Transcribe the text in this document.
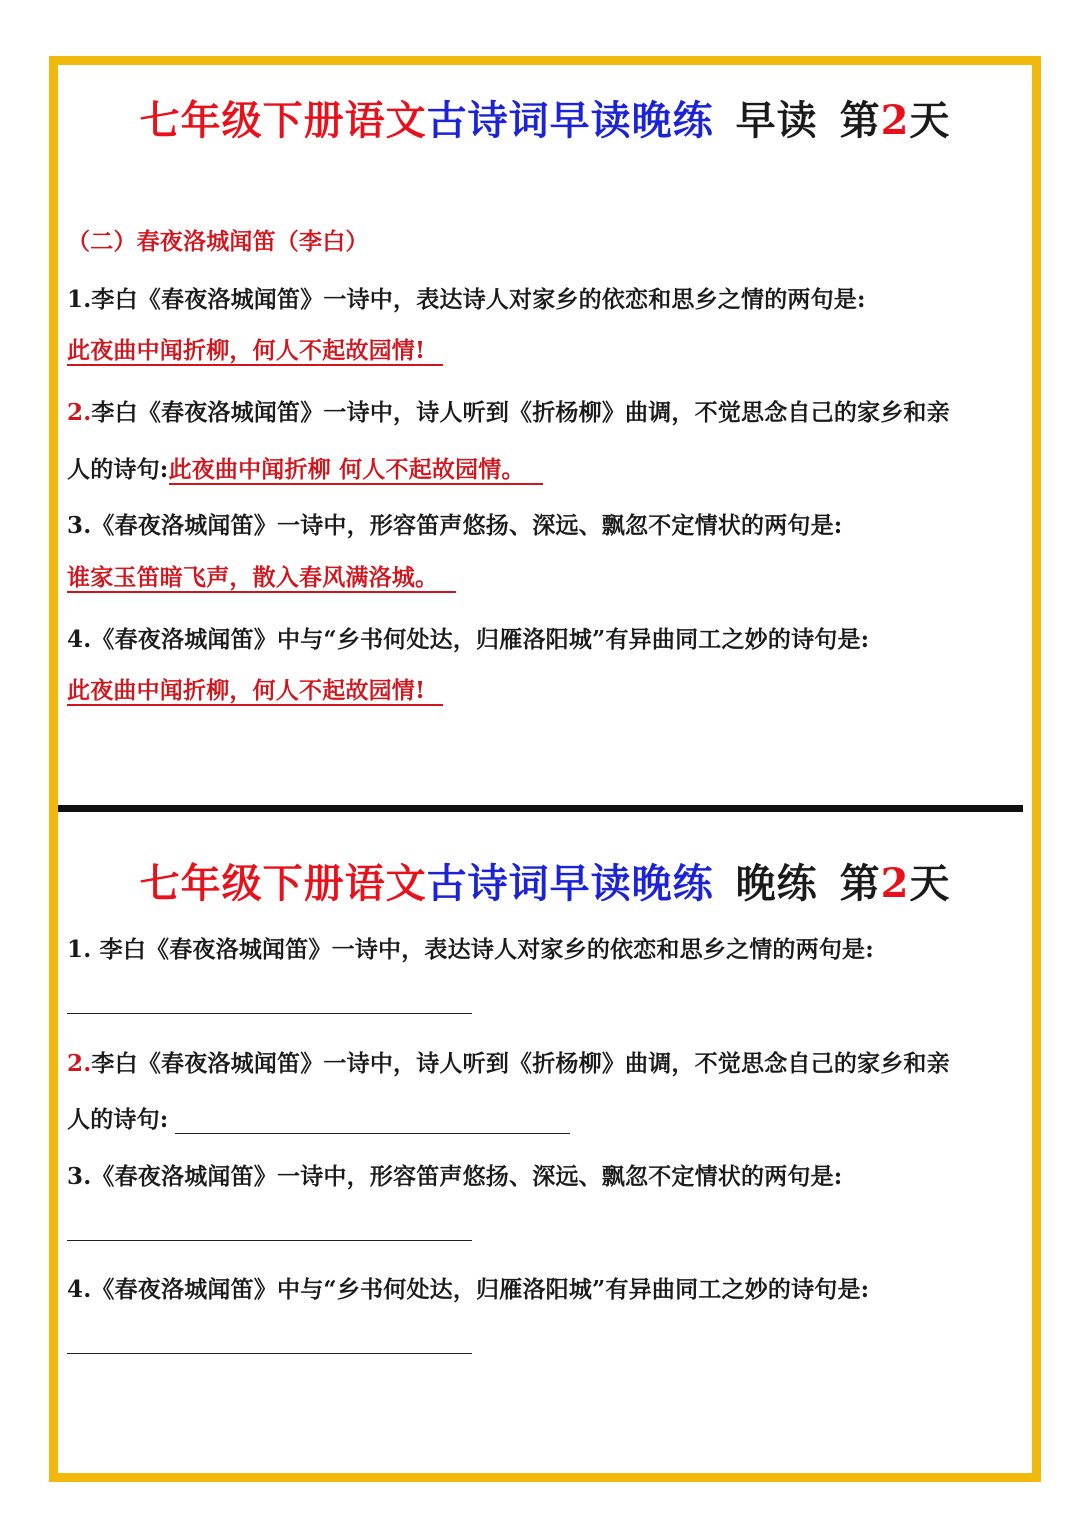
七年级下册语文古诗词早读晚练 早读 第2天
（二）春夜洛城闻笛（李白）
1.李白《春夜洛城闻笛》一诗中，表达诗人对家乡的依恋和思乡之情的两句是:
此夜曲中闻折柳，何人不起故园情!
2.李白《春夜洛城闻笛》一诗中，诗人听到《折杨柳》曲调，不觉思念自己的家乡和亲
人的诗句:此夜曲中闻折柳 何人不起故园情。
3.《春夜洛城闻笛》一诗中，形容笛声悠扬、深远、飘忽不定情状的两句是:
谁家玉笛暗飞声，散入春风满洛城。
4.《春夜洛城闻笛》中与“乡书何处达，归雁洛阳城”有异曲同工之妙的诗句是:
此夜曲中闻折柳，何人不起故园情!
七年级下册语文古诗词早读晚练 晚练 第2天
1. 李白《春夜洛城闻笛》一诗中，表达诗人对家乡的依恋和思乡之情的两句是:
2.李白《春夜洛城闻笛》一诗中，诗人听到《折杨柳》曲调，不觉思念自己的家乡和亲
人的诗句:
3.《春夜洛城闻笛》一诗中，形容笛声悠扬、深远、飘忽不定情状的两句是:
4.《春夜洛城闻笛》中与“乡书何处达，归雁洛阳城”有异曲同工之妙的诗句是:
